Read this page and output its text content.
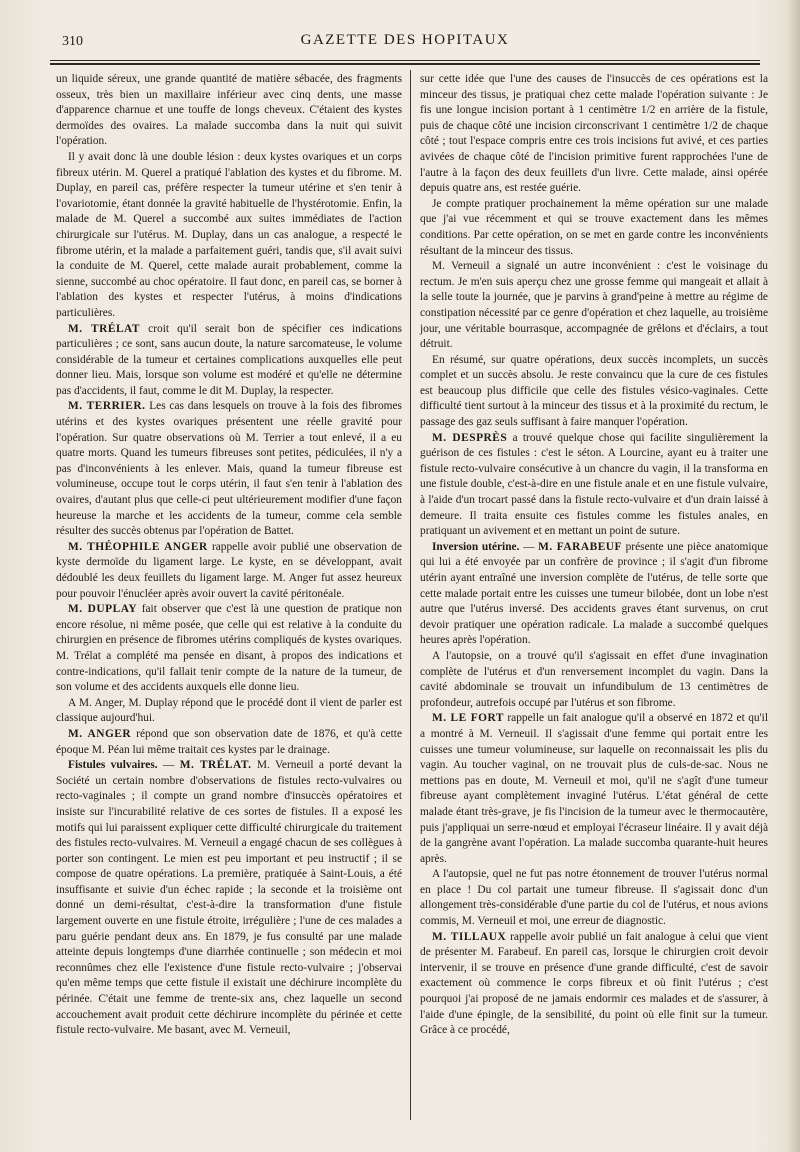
310	GAZETTE DES HOPITAUX

un liquide séreux, une grande quantité de matière sébacée, des fragments osseux, très bien un maxillaire inférieur avec cinq dents, une masse d'apparence charnue et une touffe de longs cheveux. C'étaient des kystes dermoïdes des ovaires. La malade succomba dans la nuit qui suivit l'opération.

Il y avait donc là une double lésion : deux kystes ovariques et un corps fibreux utérin. M. Querel a pratiqué l'ablation des kystes et du fibrome. M. Duplay, en pareil cas, préfère respecter la tumeur utérine et s'en tenir à l'ovariotomie, étant donnée la gravité habituelle de l'hystérotomie. Enfin, la malade de M. Querel a succombé aux suites immédiates de l'action chirurgicale sur l'utérus. M. Duplay, dans un cas analogue, a respecté le fibrome utérin, et la malade a parfaitement guéri, tandis que, s'il avait suivi la conduite de M. Querel, cette malade aurait probablement, comme la sienne, succombé au choc opératoire. Il faut donc, en pareil cas, se borner à l'ablation des kystes et respecter l'utérus, à moins d'indications particulières.

M. TRÉLAT croit qu'il serait bon de spécifier ces indications particulières ; ce sont, sans aucun doute, la nature sarcomateuse, le volume considérable de la tumeur et certaines complications auxquelles elle peut donner lieu. Mais, lorsque son volume est modéré et qu'elle ne détermine pas d'accidents, il faut, comme le dit M. Duplay, la respecter.

M. TERRIER. Les cas dans lesquels on trouve à la fois des fibromes utérins et des kystes ovariques présentent une réelle gravité pour l'opération. Sur quatre observations où M. Terrier a tout enlevé, il a eu quatre morts. Quand les tumeurs fibreuses sont petites, pédiculées, il n'y a pas d'inconvénients à les enlever. Mais, quand la tumeur fibreuse est volumineuse, occupe tout le corps utérin, il faut s'en tenir à l'ablation des ovaires, d'autant plus que celle-ci peut ultérieurement modifier d'une façon heureuse la marche et les accidents de la tumeur, comme cela semble résulter des succès obtenus par l'opération de Battet.

M. THÉOPHILE ANGER rappelle avoir publié une observation de kyste dermoïde du ligament large. Le kyste, en se développant, avait dédoublé les deux feuillets du ligament large. M. Anger fut assez heureux pour pouvoir l'énucléer après avoir ouvert la cavité péritonéale.

M. DUPLAY fait observer que c'est là une question de pratique non encore résolue, ni même posée, que celle qui est relative à la conduite du chirurgien en présence de fibromes utérins compliqués de kystes ovariques. M. Trélat a complété ma pensée en disant, à propos des indications et contre-indications, qu'il fallait tenir compte de la nature de la tumeur, de son volume et des accidents auxquels elle donne lieu.

A M. Anger, M. Duplay répond que le procédé dont il vient de parler est classique aujourd'hui.

M. ANGER répond que son observation date de 1876, et qu'à cette époque M. Péan lui même traitait ces kystes par le drainage.

Fistules vulvaires. — M. TRÉLAT. M. Verneuil a porté devant la Société un certain nombre d'observations de fistules recto-vulvaires ou recto-vaginales ; il compte un grand nombre d'insuccès opératoires et insiste sur l'incurabilité relative de ces sortes de fistules. Il a exposé les motifs qui lui paraissent expliquer cette difficulté chirurgicale du traitement des fistules recto-vulvaires. M. Verneuil a engagé chacun de ses collègues à porter son contingent. Le mien est peu important et peu instructif ; il se compose de quatre opérations. La première, pratiquée à Saint-Louis, a été insuffisante et suivie d'un échec rapide ; la seconde et la troisième ont donné un demi-résultat, c'est-à-dire la transformation d'une fistule largement ouverte en une fistule étroite, irrégulière ; l'une de ces malades a paru guérie pendant deux ans. En 1879, je fus consulté par une malade atteinte depuis longtemps d'une diarrhée continuelle ; son médecin et moi reconnûmes chez elle l'existence d'une fistule recto-vulvaire ; j'observai qu'en même temps que cette fistule il existait une déchirure incomplète du périnée. C'était une femme de trente-six ans, chez laquelle un second accouchement avait produit cette déchirure incomplète du périnée et cette fistule recto-vulvaire. Me basant, avec M. Verneuil,

sur cette idée que l'une des causes de l'insuccès de ces opérations est la minceur des tissus, je pratiquai chez cette malade l'opération suivante : Je fis une longue incision portant à 1 centimètre 1/2 en arrière de la fistule, puis de chaque côté une incision circonscrivant 1 centimètre 1/2 de chaque côté ; tout l'espace compris entre ces trois incisions fut avivé, et ces parties avivées de chaque côté de l'incision primitive furent rapprochées l'une de l'autre à la façon des deux feuillets d'un livre. Cette malade, ainsi opérée depuis quatre ans, est restée guérie.

Je compte pratiquer prochainement la même opération sur une malade que j'ai vue récemment et qui se trouve exactement dans les mêmes conditions. Par cette opération, on se met en garde contre les inconvénients résultant de la minceur des tissus.

M. Verneuil a signalé un autre inconvénient : c'est le voisinage du rectum. Je m'en suis aperçu chez une grosse femme qui mangeait et allait à la selle toute la journée, que je parvins à grand'peine à mettre au régime de constipation nécessité par ce genre d'opération et chez laquelle, au troisième jour, une véritable bourrasque, accompagnée de grêlons et d'éclairs, a tout détruit.

En résumé, sur quatre opérations, deux succès incomplets, un succès complet et un succès absolu. Je reste convaincu que la cure de ces fistules est beaucoup plus difficile que celle des fistules vésico-vaginales. Cette difficulté tient surtout à la minceur des tissus et à la proximité du rectum, le passage des gaz seuls suffisant à faire manquer l'opération.

M. DESPRÈS a trouvé quelque chose qui facilite singulièrement la guérison de ces fistules : c'est le séton. A Lourcine, ayant eu à traiter une fistule recto-vulvaire consécutive à un chancre du vagin, il la transforma en une fistule double, c'est-à-dire en une fistule anale et en une fistule vulvaire, à l'aide d'un trocart passé dans la fistule recto-vulvaire et d'un drain laissé à demeure. Il traita ensuite ces fistules comme les fistules anales, en pratiquant un avivement et en mettant un point de suture.

Inversion utérine. — M. FARABEUF présente une pièce anatomique qui lui a été envoyée par un confrère de province ; il s'agit d'un fibrome utérin ayant entraîné une inversion complète de l'utérus, de telle sorte que cette malade portait entre les cuisses une tumeur bilobée, dont un lobe n'est autre que l'utérus inversé. Des accidents graves étant survenus, on crut devoir pratiquer une opération radicale. La malade a succombé quelques heures après l'opération.

A l'autopsie, on a trouvé qu'il s'agissait en effet d'une invagination complète de l'utérus et d'un renversement incomplet du vagin. Dans la cavité abdominale se trouvait un infundibulum de 13 centimètres de profondeur, autrefois occupé par l'utérus et son fibrome.

M. LE FORT rappelle un fait analogue qu'il a observé en 1872 et qu'il a montré à M. Verneuil. Il s'agissait d'une femme qui portait entre les cuisses une tumeur volumineuse, sur laquelle on reconnaissait les plis du vagin. Au toucher vaginal, on ne trouvait plus de culs-de-sac. Nous ne mettions pas en doute, M. Verneuil et moi, qu'il ne s'agît d'une tumeur fibreuse ayant complètement invaginé l'utérus. L'état général de cette malade étant très-grave, je fis l'incision de la tumeur avec le thermocautère, puis j'appliquai un serre-nœud et employai l'écraseur linéaire. Il y avait déjà de la gangrène avant l'opération. La malade succomba quarante-huit heures après.

A l'autopsie, quel ne fut pas notre étonnement de trouver l'utérus normal en place ! Du col partait une tumeur fibreuse. Il s'agissait donc d'un allongement très-considérable d'une partie du col de l'utérus, et nous avions commis, M. Verneuil et moi, une erreur de diagnostic.

M. TILLAUX rappelle avoir publié un fait analogue à celui que vient de présenter M. Farabeuf. En pareil cas, lorsque le chirurgien croit devoir intervenir, il se trouve en présence d'une grande difficulté, c'est de savoir exactement où commence le corps fibreux et où finit l'utérus ; c'est pourquoi j'ai proposé de ne jamais endormir ces malades et de s'assurer, à l'aide d'une épingle, de la sensibilité, du point où elle finit sur la tumeur. Grâce à ce procédé,
